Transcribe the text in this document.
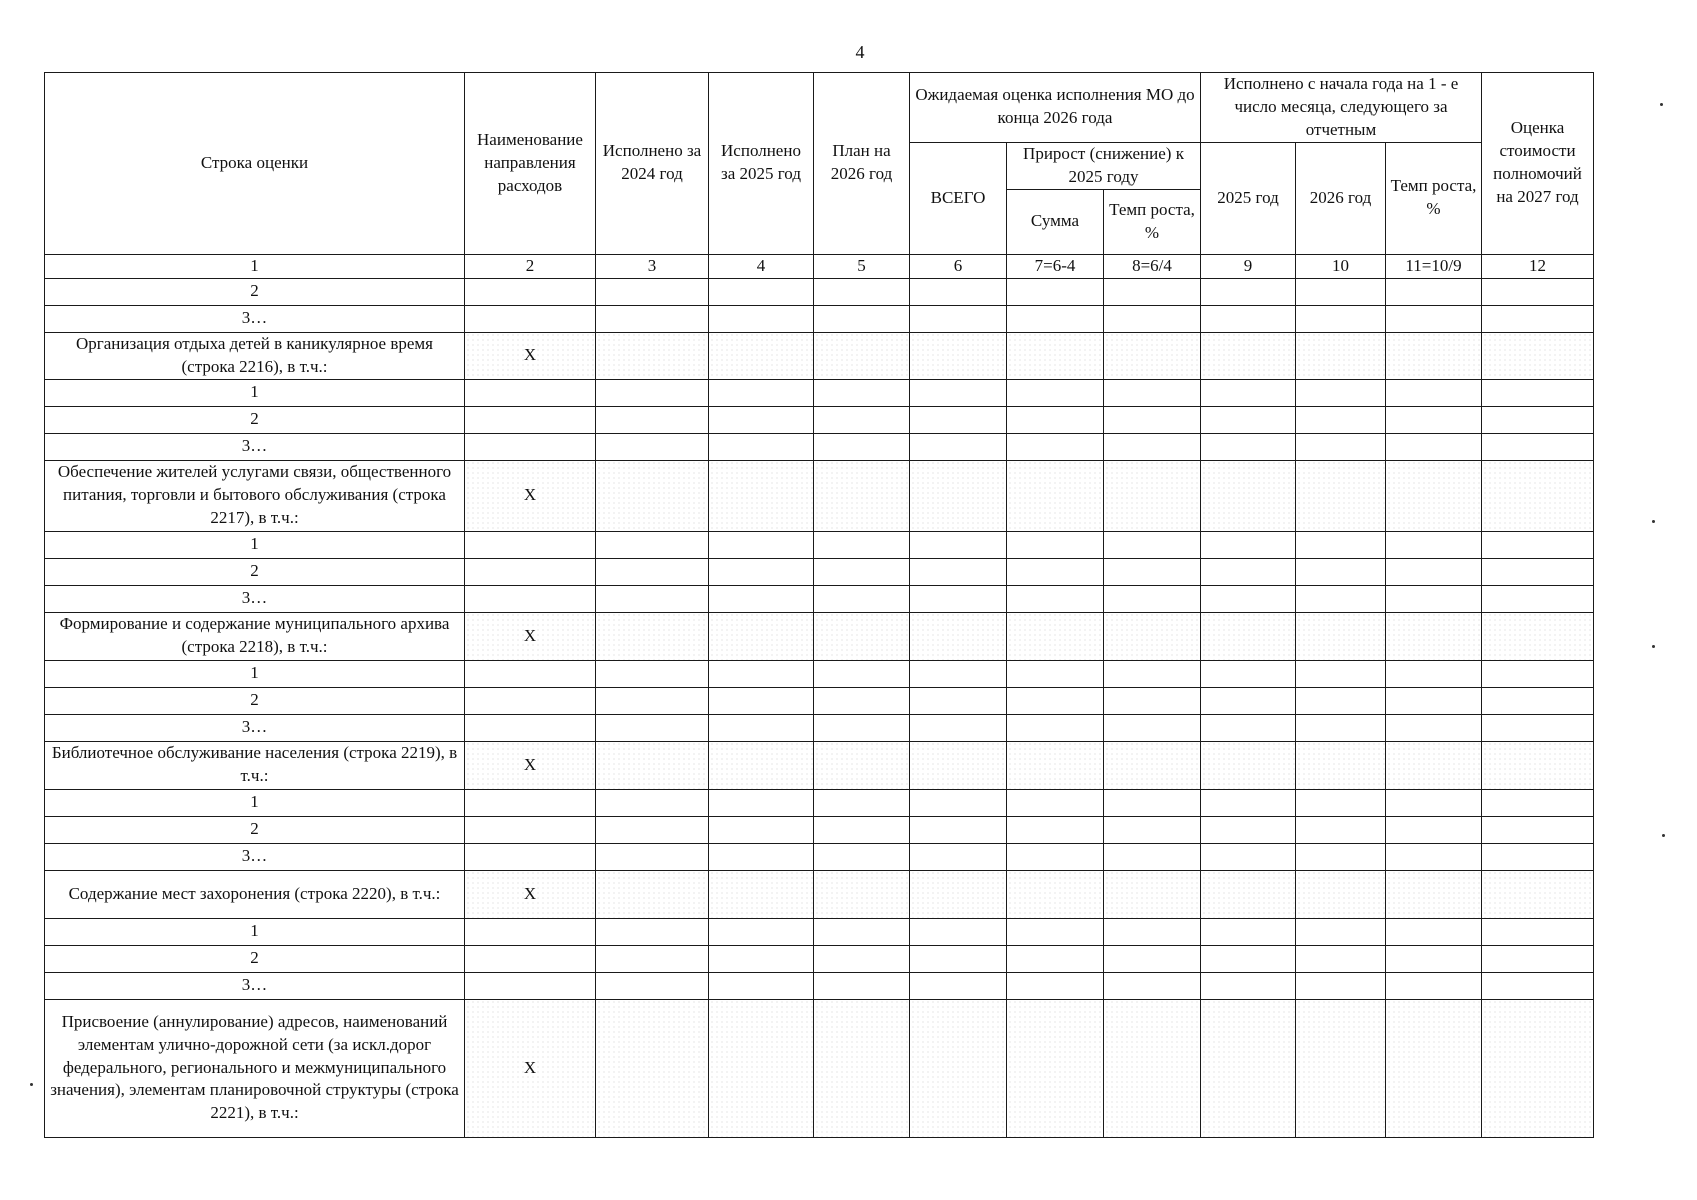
4
Строка оценки	Наименование направления расходов	Исполнено за 2024 год	Исполнено за 2025 год	План на 2026 год	Ожидаемая оценка исполнения МО до конца 2026 года			Исполнено с начала года на 1 - е число месяца, следующего за отчетным			Оценка стоимости полномочий на 2027 год
					ВСЕГО	Прирост (снижение) к 2025 году		2025 год	2026 год	Темп роста, %	
						Сумма	Темп роста, %				
1	2	3	4	5	6	7=6-4	8=6/4	9	10	11=10/9	12
2											
3…											
Организация отдыха детей в каникулярное время (строка 2216), в т.ч.:	Х										
1											
2											
3…											
Обеспечение жителей услугами связи, общественного питания, торговли и бытового обслуживания (строка 2217), в т.ч.:	Х										
1											
2											
3…											
Формирование и содержание муниципального архива (строка 2218), в т.ч.:	Х										
1											
2											
3…											
Библиотечное обслуживание населения (строка 2219), в т.ч.:	Х										
1											
2											
3…											
Содержание мест захоронения (строка 2220), в т.ч.:	Х										
1											
2											
3…											
Присвоение (аннулирование) адресов, наименований элементам улично-дорожной сети (за искл.дорог федерального, регионального и межмуниципального значения), элементам планировочной структуры (строка 2221), в т.ч.:	Х										
